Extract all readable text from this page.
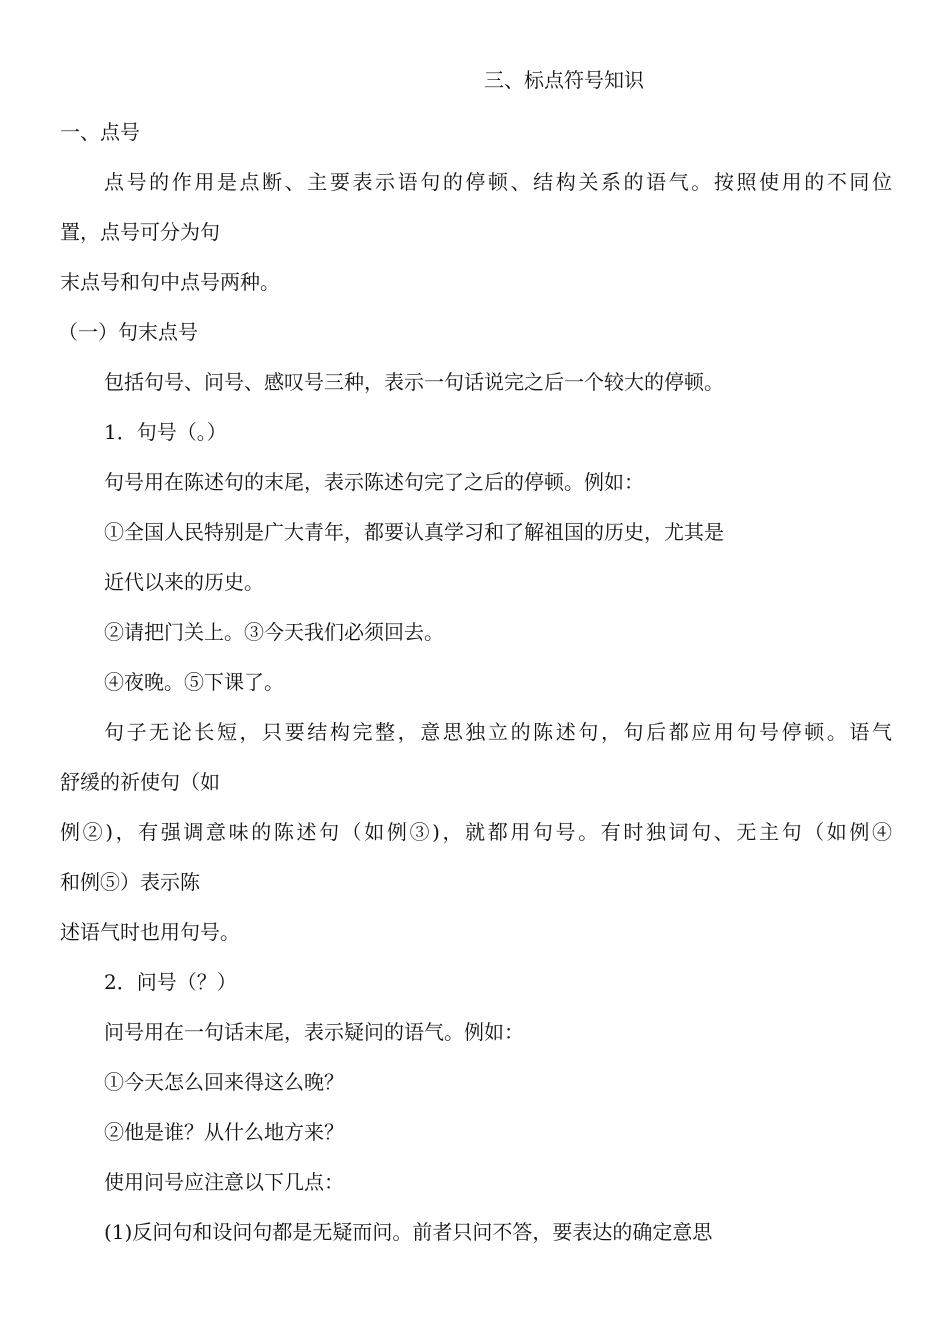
三、标点符号知识
一、点号
点号的作用是点断、主要表示语句的停顿、结构关系的语气。按照使用的不同位
置，点号可分为句
末点号和句中点号两种。
（一）句末点号
包括句号、问号、感叹号三种，表示一句话说完之后一个较大的停顿。
1．句号（。）
句号用在陈述句的末尾，表示陈述句完了之后的停顿。例如：
①全国人民特别是广大青年，都要认真学习和了解祖国的历史，尤其是
近代以来的历史。
②请把门关上。③今天我们必须回去。
④夜晚。⑤下课了。
句子无论长短，只要结构完整，意思独立的陈述句，句后都应用句号停顿。语气
舒缓的祈使句（如
例②)，有强调意味的陈述句（如例③)，就都用句号。有时独词句、无主句（如例④
和例⑤）表示陈
述语气时也用句号。
2．问号（？）
问号用在一句话末尾，表示疑问的语气。例如：
①今天怎么回来得这么晚？
②他是谁？从什么地方来？
使用问号应注意以下几点：
(1)反问句和设问句都是无疑而问。前者只问不答，要表达的确定意思
